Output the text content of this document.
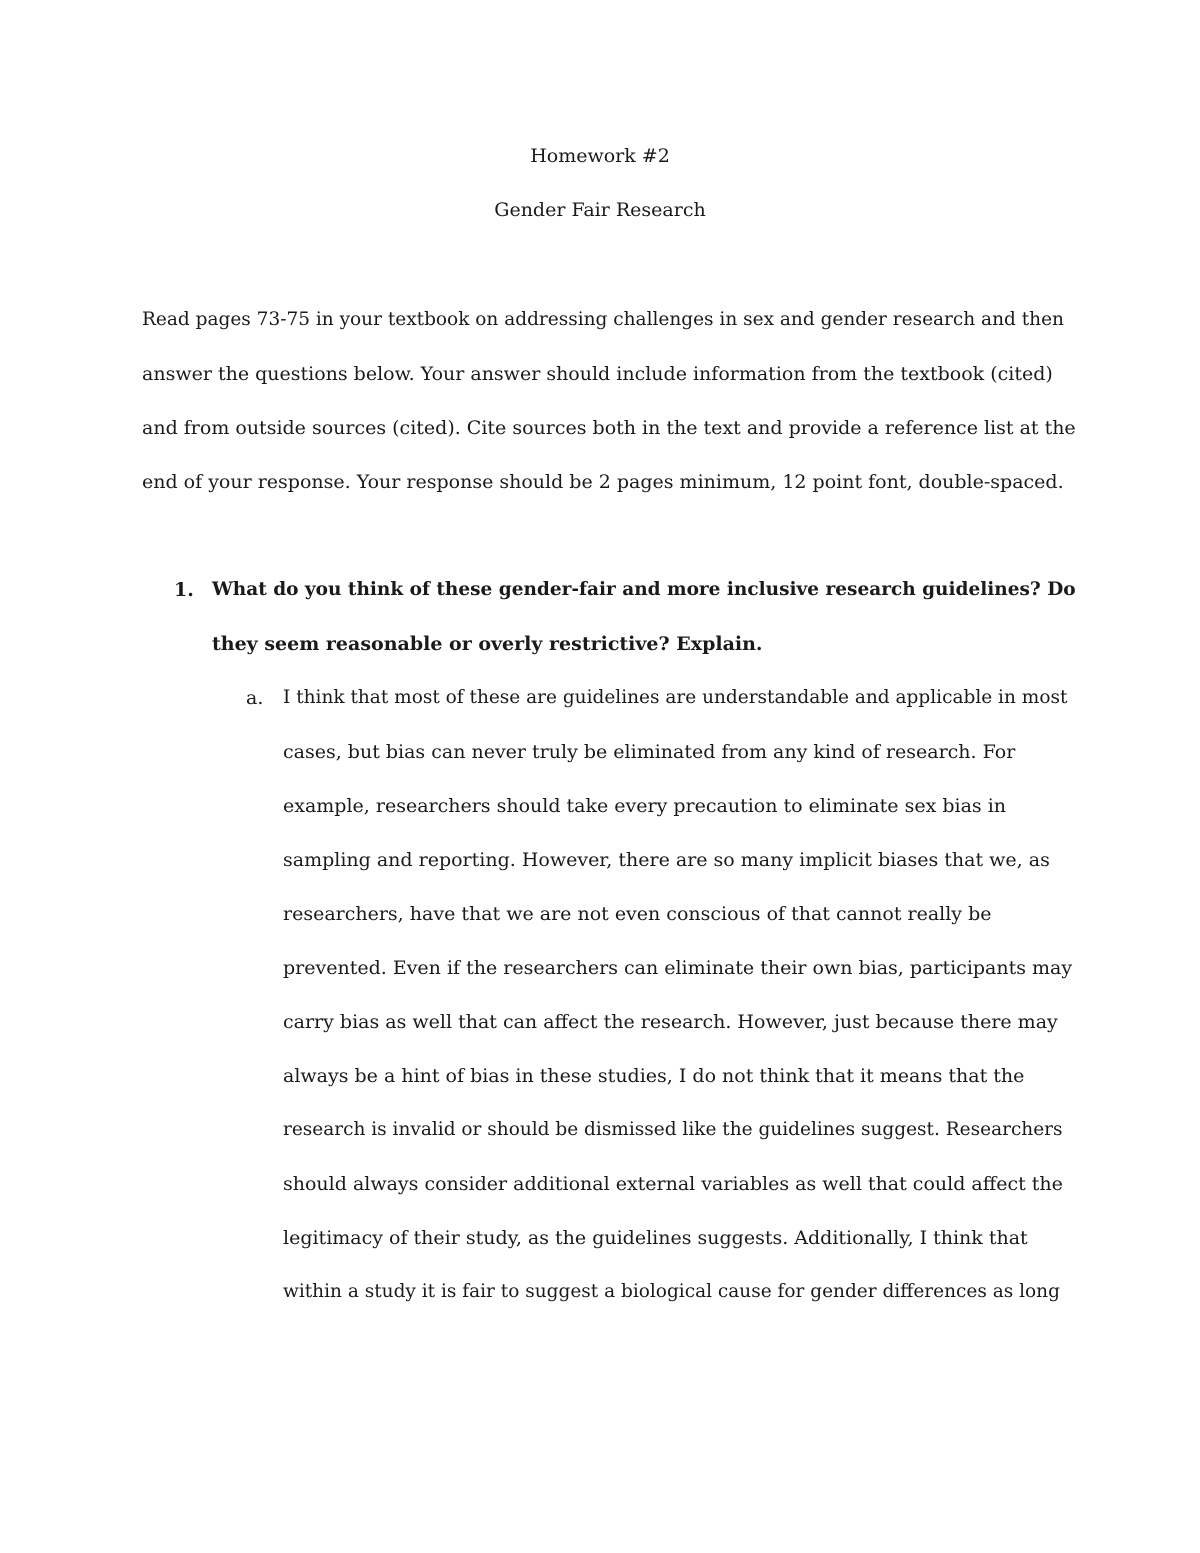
Homework #2
Gender Fair Research
Read pages 73-75 in your textbook on addressing challenges in sex and gender research and then
answer the questions below. Your answer should include information from the textbook (cited)
and from outside sources (cited). Cite sources both in the text and provide a reference list at the
end of your response. Your response should be 2 pages minimum, 12 point font, double-spaced.
1. What do you think of these gender-fair and more inclusive research guidelines? Do
they seem reasonable or overly restrictive? Explain.
a. I think that most of these are guidelines are understandable and applicable in most
cases, but bias can never truly be eliminated from any kind of research. For
example, researchers should take every precaution to eliminate sex bias in
sampling and reporting. However, there are so many implicit biases that we, as
researchers, have that we are not even conscious of that cannot really be
prevented. Even if the researchers can eliminate their own bias, participants may
carry bias as well that can affect the research. However, just because there may
always be a hint of bias in these studies, I do not think that it means that the
research is invalid or should be dismissed like the guidelines suggest. Researchers
should always consider additional external variables as well that could affect the
legitimacy of their study, as the guidelines suggests. Additionally, I think that
within a study it is fair to suggest a biological cause for gender differences as long
